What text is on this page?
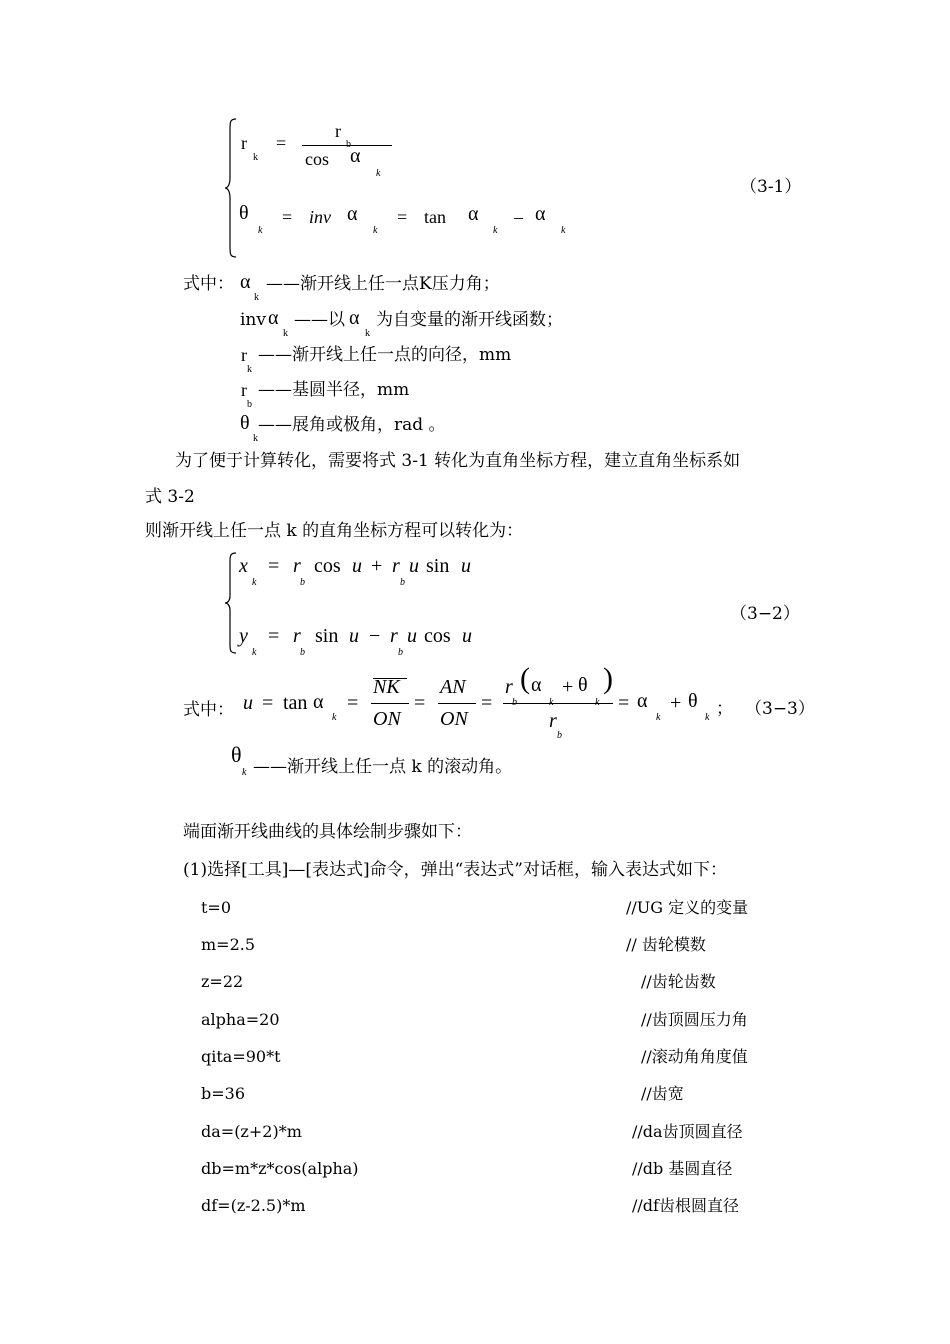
r
k
=
r
cos α
k
θ
k
= inv α
k
= tan α
k
– α
k
（3-1）
式中： α
k
——渐开线上任一点K压力角；
inv α
k
——以 α
k
为自变量的渐开线函数；
r
k
——渐开线上任一点的向径，mm
r
b
——基圆半径，mm
θ
k
——展角或极角，rad 。
为了便于计算转化，需要将式 3-1 转化为直角坐标方程，建立直角坐标系如
式 3-2
则渐开线上任一点 k 的直角坐标方程可以转化为：
x
k
= r
b
cos u + r
b
u sin u
y
k
= r
b
sin u − r
b
u cos u
（3−2）
式中： u = tan α
k
=
NK
ON
=
AN
ON
=
r ( α + θ )
r
b
= α
k
+ θ
k ； （3−3）
θ
k ——渐开线上任一点 k 的滚动角。
端面渐开线曲线的具体绘制步骤如下：
(1)选择[工具]—[表达式]命令，弹出“表达式”对话框，输入表达式如下：
t=0	//UG 定义的变量
m=2.5	// 齿轮模数
z=22	//齿轮齿数
alpha=20	//齿顶圆压力角
qita=90*t	//滚动角角度值
b=36	//齿宽
da=(z+2)*m	//da齿顶圆直径
db=m*z*cos(alpha)	//db 基圆直径
df=(z-2.5)*m	//df齿根圆直径
